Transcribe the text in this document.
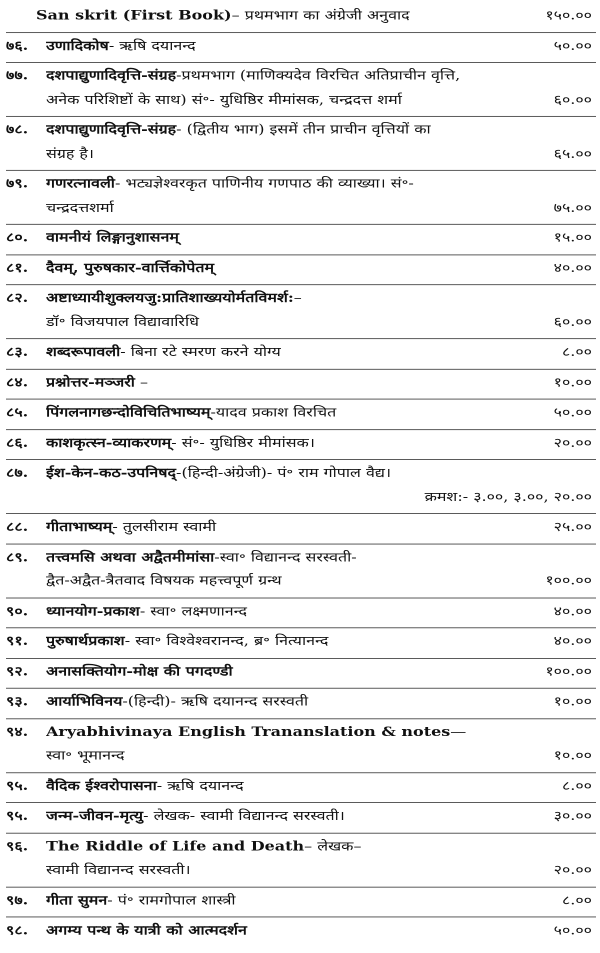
San skrit (First Book)– प्रथमभाग का अंग्रेजी अनुवाद	१५०.००
७६. उणादिकोष- ऋषि दयानन्द	५०.००
७७. दशपाद्युणादिवृत्ति-संग्रह-प्रथमभाग (माणिक्यदेव विरचित अतिप्राचीन वृत्ति,
अनेक परिशिष्टों के साथ) सं॰- युधिष्ठिर मीमांसक, चन्द्रदत्त शर्मा	६०.००
७८. दशपाद्युणादिवृत्ति-संग्रह- (द्वितीय भाग) इसमें तीन प्राचीन वृत्तियों का
संग्रह है।	६५.००
७९. गणरत्नावली- भट्यज्ञेश्वरकृत पाणिनीय गणपाठ की व्याख्या। सं॰-
चन्द्रदत्तशर्मा	७५.००
८०. वामनीयं लिङ्गानुशासनम्	१५.००
८१. दैवम्, पुरुषकार-वार्त्तिकोपेतम्	४०.००
८२. अष्टाध्यायीशुक्लयजु:प्रातिशाख्ययोर्मतविमर्श:–
डॉ॰ विजयपाल विद्यावारिधि	६०.००
८३. शब्दरूपावली- बिना रटे स्मरण करने योग्य	८.००
८४. प्रश्नोत्तर-मञ्जरी –	१०.००
८५. पिंगलनागछन्दोविचितिभाष्यम्-यादव प्रकाश विरचित	५०.००
८६. काशकृत्स्न-व्याकरणम्- सं॰- युधिष्ठिर मीमांसक।	२०.००
८७. ईश-केन-कठ-उपनिषद्-(हिन्दी-अंग्रेजी)- पं॰ राम गोपाल वैद्य।
क्रमश:- ३.००, ३.००, २०.००
८८. गीताभाष्यम्- तुलसीराम स्वामी	२५.००
८९. तत्त्वमसि अथवा अद्वैतमीमांसा-स्वा॰ विद्यानन्द सरस्वती-
द्वैत-अद्वैत-त्रैतवाद विषयक महत्त्वपूर्ण ग्रन्थ	१००.००
९०. ध्यानयोग-प्रकाश- स्वा॰ लक्ष्मणानन्द	४०.००
९१. पुरुषार्थप्रकाश- स्वा॰ विश्वेश्वरानन्द, ब्र॰ नित्यानन्द	४०.००
९२. अनासक्तियोग-मोक्ष की पगदण्डी	१००.००
९३. आर्याभिविनय-(हिन्दी)- ऋषि दयानन्द सरस्वती	१०.००
९४. Aryabhivinaya English Trananslation & notes—
स्वा॰ भूमानन्द	१०.००
९५. वैदिक ईश्वरोपासना- ऋषि दयानन्द	८.००
९५. जन्म-जीवन-मृत्यु- लेखक- स्वामी विद्यानन्द सरस्वती।	३०.००
९६. The Riddle of Life and Death– लेखक–
स्वामी विद्यानन्द सरस्वती।	२०.००
९७. गीता सुमन- पं॰ रामगोपाल शास्त्री	८.००
९८. अगम्य पन्थ के यात्री को आत्मदर्शन	५०.००
